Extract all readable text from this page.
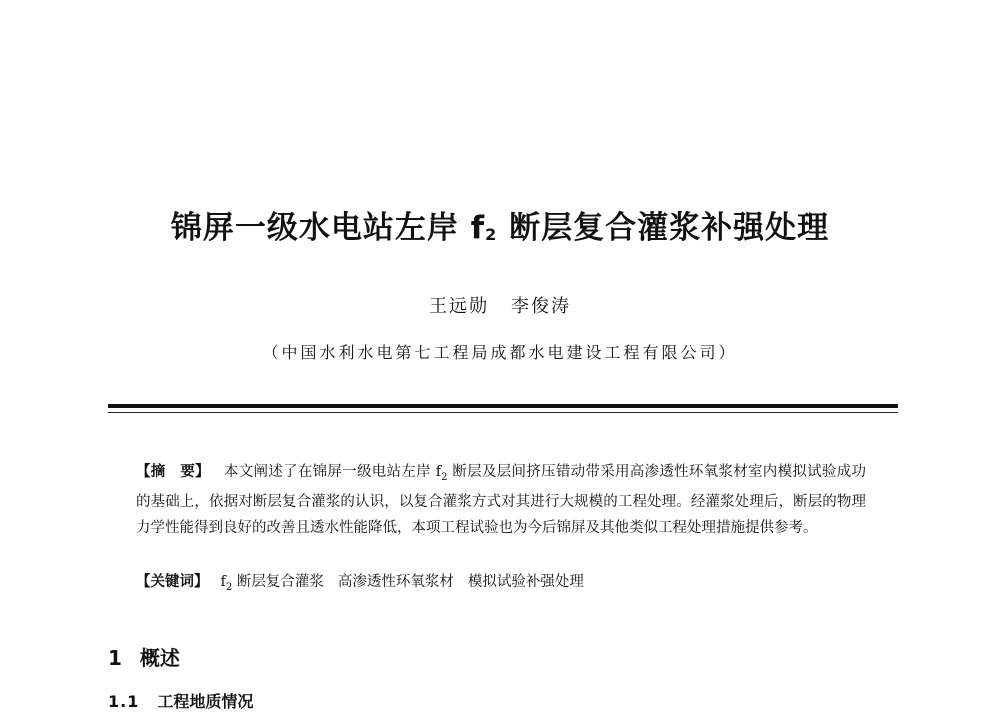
锦屏一级水电站左岸 $f_2$ 断层复合灌浆补强处理
王远勋 李俊涛
（中国水利水电第七工程局成都水电建设工程有限公司）
【摘　要】 本文阐述了在锦屏一级电站左岸 $f_2$ 断层及层间挤压错动带采用高渗透性环氧浆材室内模拟试验成功的基础上，依据对断层复合灌浆的认识，以复合灌浆方式对其进行大规模的工程处理。经灌浆处理后，断层的物理力学性能得到良好的改善且透水性能降低，本项工程试验也为今后锦屏及其他类似工程处理措施提供参考。
【关键词】 $f_2$ 断层复合灌浆 高渗透性环氧浆材 模拟试验补强处理
1 概述
1.1 工程地质情况
